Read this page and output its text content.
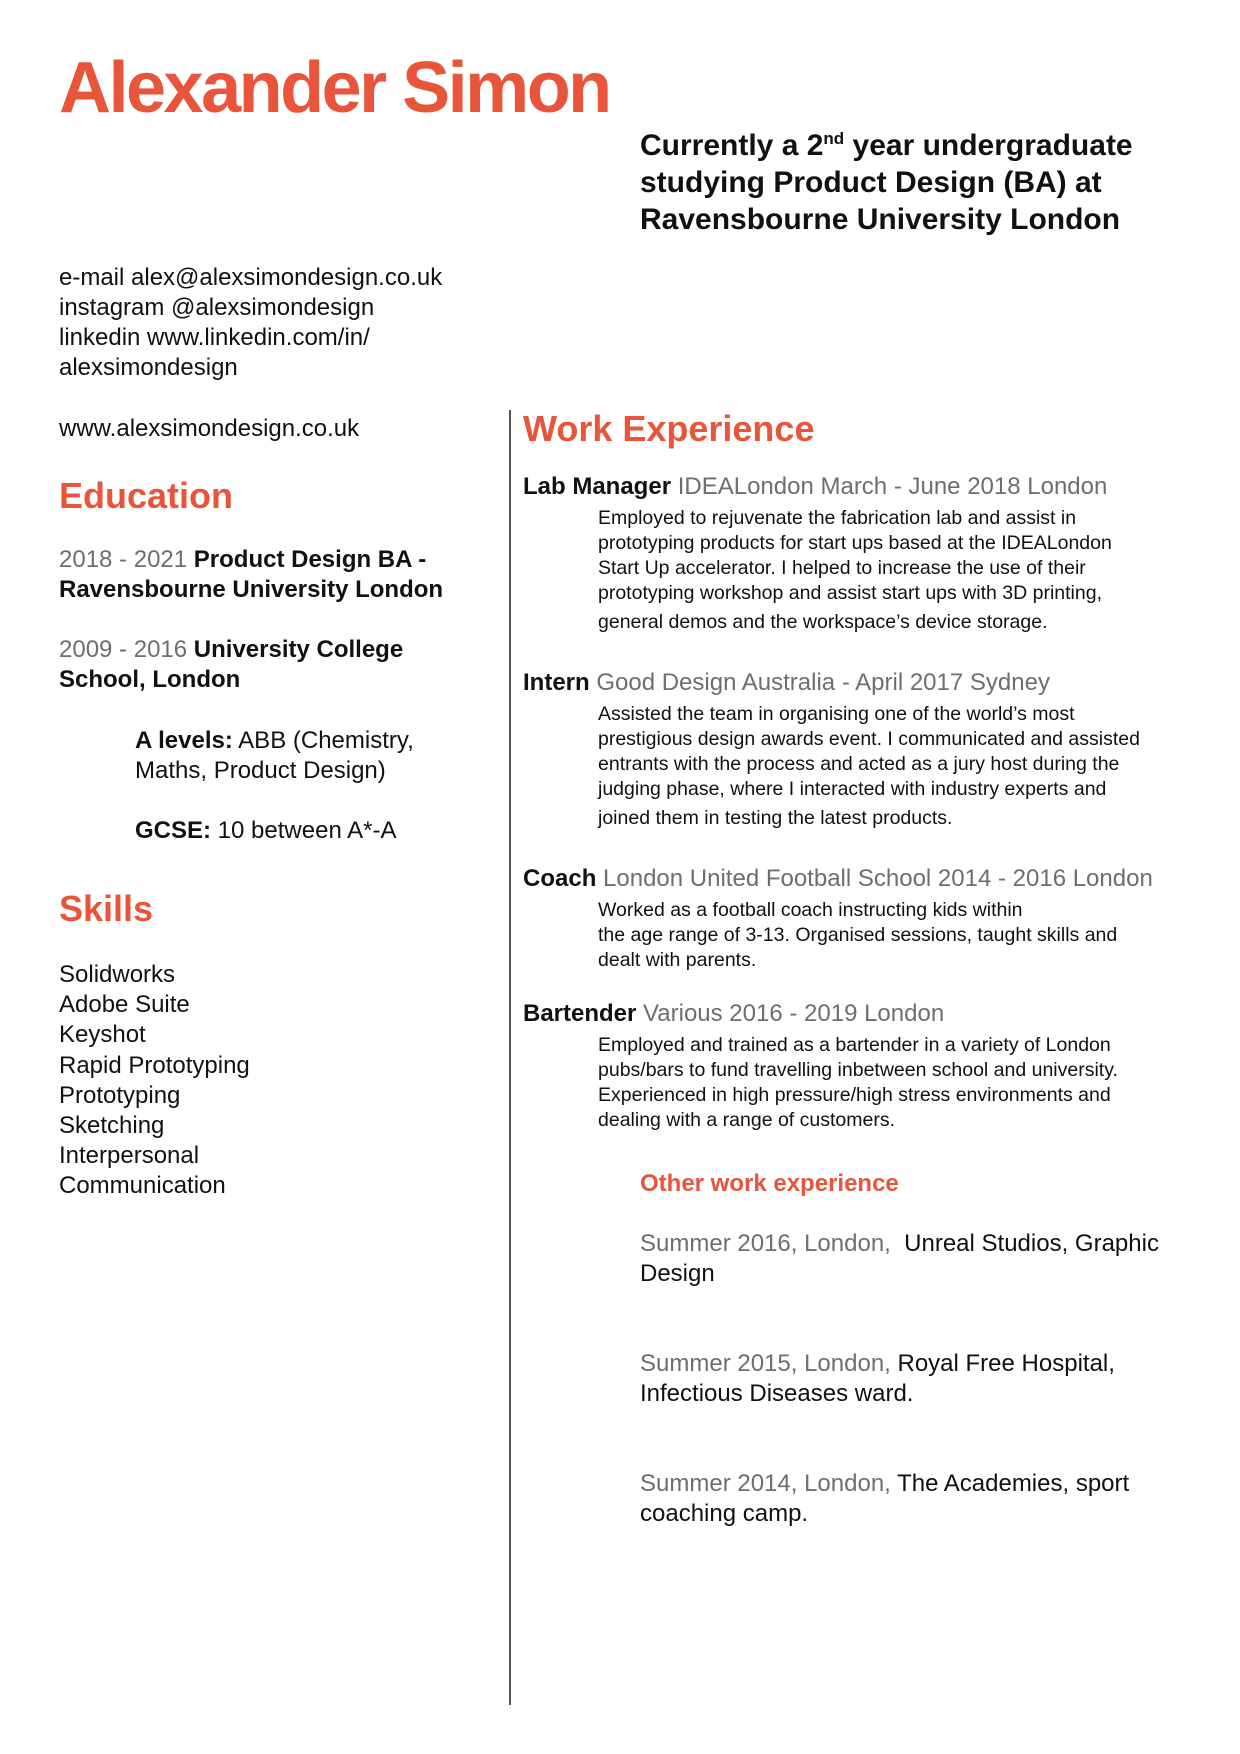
Alexander Simon
Currently a 2nd year undergraduate studying Product Design (BA) at Ravensbourne University London
e-mail alex@alexsimondesign.co.uk
instagram @alexsimondesign
linkedin www.linkedin.com/in/
alexsimondesign
www.alexsimondesign.co.uk
Education
2018 - 2021 Product Design BA - Ravensbourne University London
2009 - 2016 University College School, London
A levels: ABB (Chemistry, Maths, Product Design)
GCSE: 10 between A*-A
Skills
Solidworks
Adobe Suite
Keyshot
Rapid Prototyping
Prototyping
Sketching
Interpersonal
Communication
Work Experience
Lab Manager IDEALondon March - June 2018 London
Employed to rejuvenate the fabrication lab and assist in
prototyping products for start ups based at the IDEALondon
Start Up accelerator. I helped to increase the use of their
prototyping workshop and assist start ups with 3D printing,
general demos and the workspace’s device storage.
Intern Good Design Australia - April 2017 Sydney
Assisted the team in organising one of the world’s most
prestigious design awards event. I communicated and assisted
entrants with the process and acted as a jury host during the
judging phase, where I interacted with industry experts and
joined them in testing the latest products.
Coach London United Football School 2014 - 2016 London
Worked as a football coach instructing kids within
the age range of 3-13. Organised sessions, taught skills and
dealt with parents.
Bartender Various 2016 - 2019 London
Employed and trained as a bartender in a variety of London
pubs/bars to fund travelling inbetween school and university.
Experienced in high pressure/high stress environments and
dealing with a range of customers.
Other work experience
Summer 2016, London,  Unreal Studios, Graphic Design
Summer 2015, London, Royal Free Hospital, Infectious Diseases ward.
Summer 2014, London, The Academies, sport coaching camp.
